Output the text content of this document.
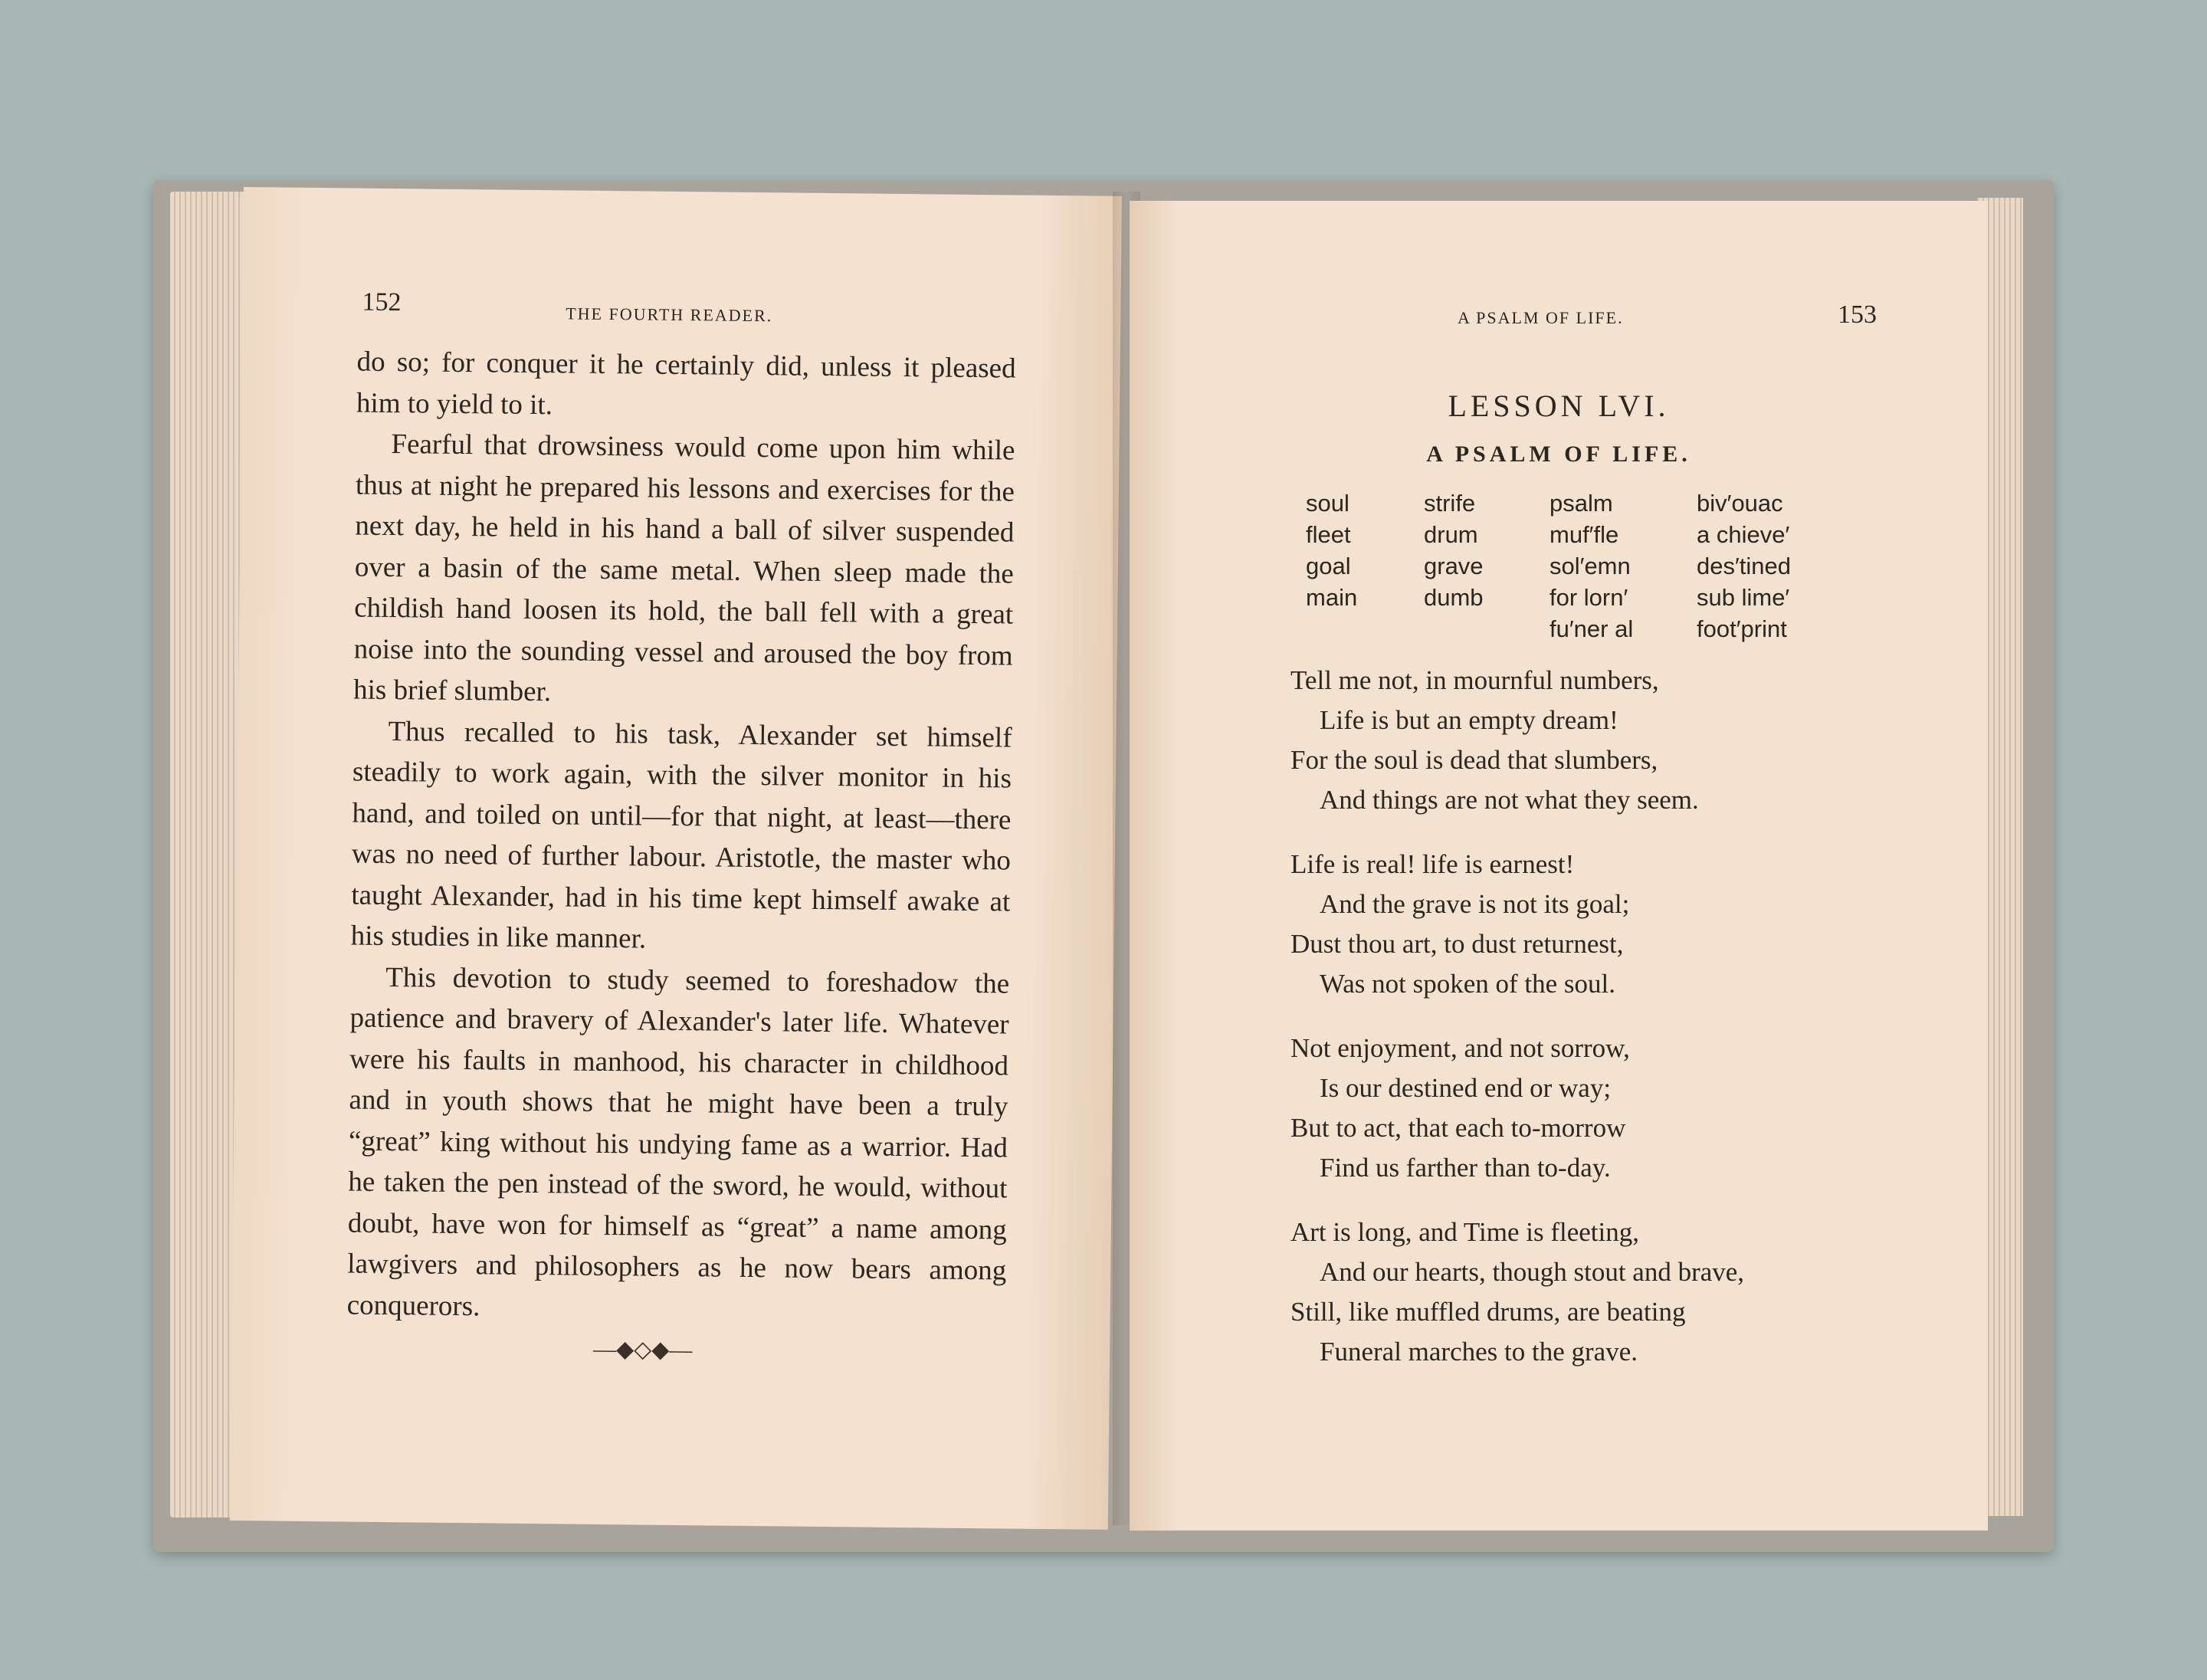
152	THE FOURTH READER.

do so; for conquer it he certainly did, unless it pleased him to yield to it.

Fearful that drowsiness would come upon him while thus at night he prepared his lessons and exercises for the next day, he held in his hand a ball of silver suspended over a basin of the same metal. When sleep made the childish hand loosen its hold, the ball fell with a great noise into the sounding vessel and aroused the boy from his brief slumber.

Thus recalled to his task, Alexander set himself steadily to work again, with the silver monitor in his hand, and toiled on until—for that night, at least—there was no need of further labour. Aristotle, the master who taught Alexander, had in his time kept himself awake at his studies in like manner.

This devotion to study seemed to foreshadow the patience and bravery of Alexander's later life. Whatever were his faults in manhood, his character in childhood and in youth shows that he might have been a truly “great” king without his undying fame as a warrior. Had he taken the pen instead of the sword, he would, without doubt, have won for himself as “great” a name among lawgivers and philosophers as he now bears among conquerors.

—◆◇◆—
A PSALM OF LIFE.	153
LESSON LVI.
A PSALM OF LIFE.
soul
fleet
goal
main
strife
drum
grave
dumb
psalm
muf′fle
sol′emn
for lorn′
fu′ner al
biv′ouac
a chieve′
des′tined
sub lime′
foot′print
Tell me not, in mournful numbers,
Life is but an empty dream!
For the soul is dead that slumbers,
And things are not what they seem.
Life is real! life is earnest!
And the grave is not its goal;
Dust thou art, to dust returnest,
Was not spoken of the soul.
Not enjoyment, and not sorrow,
Is our destined end or way;
But to act, that each to-morrow
Find us farther than to-day.
Art is long, and Time is fleeting,
And our hearts, though stout and brave,
Still, like muffled drums, are beating
Funeral marches to the grave.
